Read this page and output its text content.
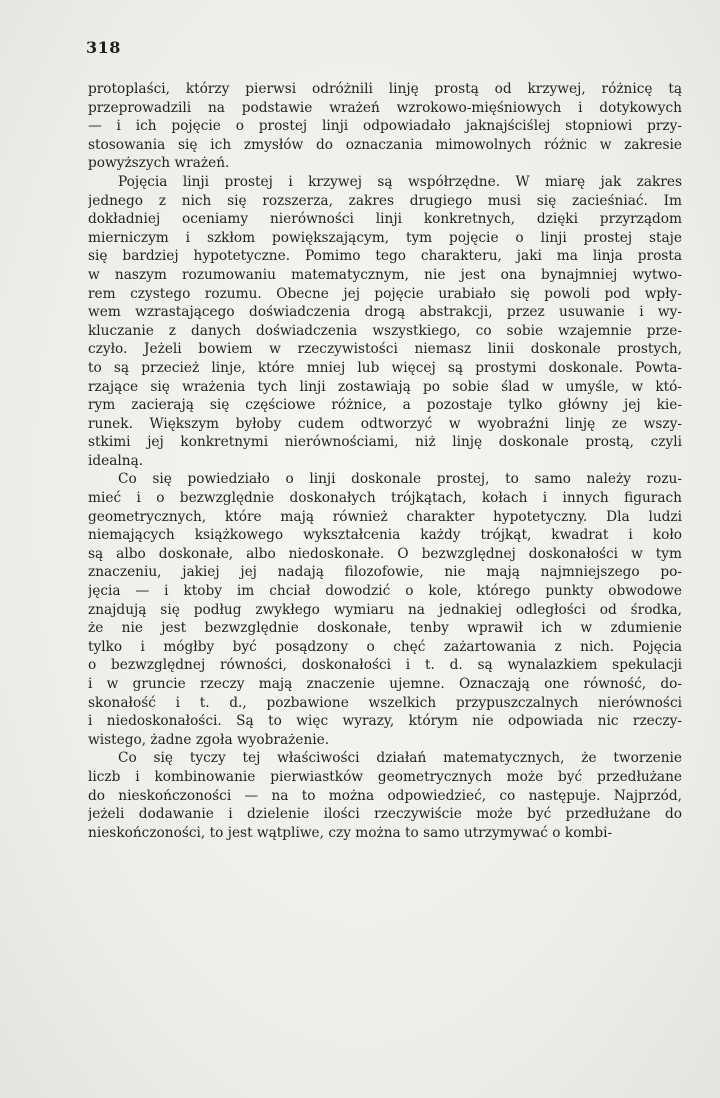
318
protoplaści, którzy pierwsi odróżnili linję prostą od krzywej, różnicę tą
przeprowadzili na podstawie wrażeń wzrokowo-mięśniowych i dotykowych
— i ich pojęcie o prostej linji odpowiadało jaknajściślej stopniowi przy-
stosowania się ich zmysłów do oznaczania mimowolnych różnic w zakresie
powyższych wrażeń.
Pojęcia linji prostej i krzywej są współrzędne. W miarę jak zakres
jednego z nich się rozszerza, zakres drugiego musi się zacieśniać. Im
dokładniej oceniamy nierówności linji konkretnych, dzięki przyrządom
mierniczym i szkłom powiększającym, tym pojęcie o linji prostej staje
się bardziej hypotetyczne. Pomimo tego charakteru, jaki ma linja prosta
w naszym rozumowaniu matematycznym, nie jest ona bynajmniej wytwo-
rem czystego rozumu. Obecne jej pojęcie urabiało się powoli pod wpły-
wem wzrastającego doświadczenia drogą abstrakcji, przez usuwanie i wy-
kluczanie z danych doświadczenia wszystkiego, co sobie wzajemnie prze-
czyło. Jeżeli bowiem w rzeczywistości niemasz linii doskonale prostych,
to są przecież linje, które mniej lub więcej są prostymi doskonale. Powta-
rzające się wrażenia tych linji zostawiają po sobie ślad w umyśle, w któ-
rym zacierają się częściowe różnice, a pozostaje tylko główny jej kie-
runek. Większym byłoby cudem odtworzyć w wyobraźni linję ze wszy-
stkimi jej konkretnymi nierównościami, niż linję doskonale prostą, czyli
idealną.
Co się powiedziało o linji doskonale prostej, to samo należy rozu-
mieć i o bezwzględnie doskonałych trójkątach, kołach i innych figurach
geometrycznych, które mają również charakter hypotetyczny. Dla ludzi
niemających książkowego wykształcenia każdy trójkąt, kwadrat i koło
są albo doskonałe, albo niedoskonałe. O bezwzględnej doskonałości w tym
znaczeniu, jakiej jej nadają filozofowie, nie mają najmniejszego po-
jęcia — i ktoby im chciał dowodzić o kole, którego punkty obwodowe
znajdują się podług zwykłego wymiaru na jednakiej odległości od środka,
że nie jest bezwzględnie doskonałe, tenby wprawił ich w zdumienie
tylko i mógłby być posądzony o chęć zażartowania z nich. Pojęcia
o bezwzględnej równości, doskonałości i t. d. są wynalazkiem spekulacji
i w gruncie rzeczy mają znaczenie ujemne. Oznaczają one równość, do-
skonałość i t. d., pozbawione wszelkich przypuszczalnych nierówności
i niedoskonałości. Są to więc wyrazy, którym nie odpowiada nic rzeczy-
wistego, żadne zgoła wyobrażenie.
Co się tyczy tej właściwości działań matematycznych, że tworzenie
liczb i kombinowanie pierwiastków geometrycznych może być przedłużane
do nieskończoności — na to można odpowiedzieć, co następuje. Najprzód,
jeżeli dodawanie i dzielenie ilości rzeczywiście może być przedłużane do
nieskończoności, to jest wątpliwe, czy można to samo utrzymywać o kombi-
